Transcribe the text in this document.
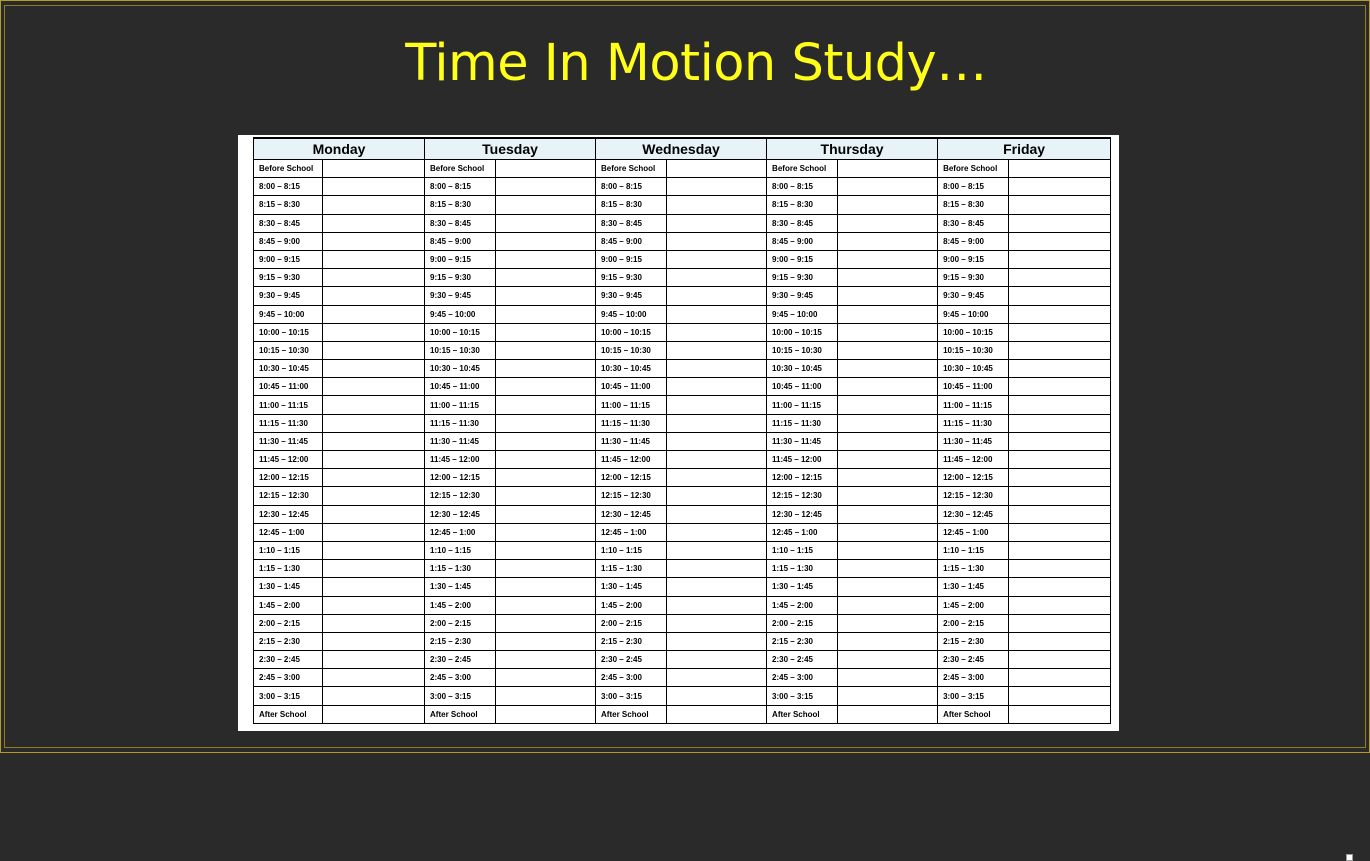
Time In Motion Study…
Monday		Tuesday		Wednesday		Thursday		Friday	
Before School		Before School		Before School		Before School		Before School	
8:00 – 8:15		8:00 – 8:15		8:00 – 8:15		8:00 – 8:15		8:00 – 8:15	
8:15 – 8:30		8:15 – 8:30		8:15 – 8:30		8:15 – 8:30		8:15 – 8:30	
8:30 – 8:45		8:30 – 8:45		8:30 – 8:45		8:30 – 8:45		8:30 – 8:45	
8:45 – 9:00		8:45 – 9:00		8:45 – 9:00		8:45 – 9:00		8:45 – 9:00	
9:00 – 9:15		9:00 – 9:15		9:00 – 9:15		9:00 – 9:15		9:00 – 9:15	
9:15 – 9:30		9:15 – 9:30		9:15 – 9:30		9:15 – 9:30		9:15 – 9:30	
9:30 – 9:45		9:30 – 9:45		9:30 – 9:45		9:30 – 9:45		9:30 – 9:45	
9:45 – 10:00		9:45 – 10:00		9:45 – 10:00		9:45 – 10:00		9:45 – 10:00	
10:00 – 10:15		10:00 – 10:15		10:00 – 10:15		10:00 – 10:15		10:00 – 10:15	
10:15 – 10:30		10:15 – 10:30		10:15 – 10:30		10:15 – 10:30		10:15 – 10:30	
10:30 – 10:45		10:30 – 10:45		10:30 – 10:45		10:30 – 10:45		10:30 – 10:45	
10:45 – 11:00		10:45 – 11:00		10:45 – 11:00		10:45 – 11:00		10:45 – 11:00	
11:00 – 11:15		11:00 – 11:15		11:00 – 11:15		11:00 – 11:15		11:00 – 11:15	
11:15 – 11:30		11:15 – 11:30		11:15 – 11:30		11:15 – 11:30		11:15 – 11:30	
11:30 – 11:45		11:30 – 11:45		11:30 – 11:45		11:30 – 11:45		11:30 – 11:45	
11:45 – 12:00		11:45 – 12:00		11:45 – 12:00		11:45 – 12:00		11:45 – 12:00	
12:00 – 12:15		12:00 – 12:15		12:00 – 12:15		12:00 – 12:15		12:00 – 12:15	
12:15 – 12:30		12:15 – 12:30		12:15 – 12:30		12:15 – 12:30		12:15 – 12:30	
12:30 – 12:45		12:30 – 12:45		12:30 – 12:45		12:30 – 12:45		12:30 – 12:45	
12:45 – 1:00		12:45 – 1:00		12:45 – 1:00		12:45 – 1:00		12:45 – 1:00	
1:10 – 1:15		1:10 – 1:15		1:10 – 1:15		1:10 – 1:15		1:10 – 1:15	
1:15 – 1:30		1:15 – 1:30		1:15 – 1:30		1:15 – 1:30		1:15 – 1:30	
1:30 – 1:45		1:30 – 1:45		1:30 – 1:45		1:30 – 1:45		1:30 – 1:45	
1:45 – 2:00		1:45 – 2:00		1:45 – 2:00		1:45 – 2:00		1:45 – 2:00	
2:00 – 2:15		2:00 – 2:15		2:00 – 2:15		2:00 – 2:15		2:00 – 2:15	
2:15 – 2:30		2:15 – 2:30		2:15 – 2:30		2:15 – 2:30		2:15 – 2:30	
2:30 – 2:45		2:30 – 2:45		2:30 – 2:45		2:30 – 2:45		2:30 – 2:45	
2:45 – 3:00		2:45 – 3:00		2:45 – 3:00		2:45 – 3:00		2:45 – 3:00	
3:00 – 3:15		3:00 – 3:15		3:00 – 3:15		3:00 – 3:15		3:00 – 3:15	
After School		After School		After School		After School		After School	
